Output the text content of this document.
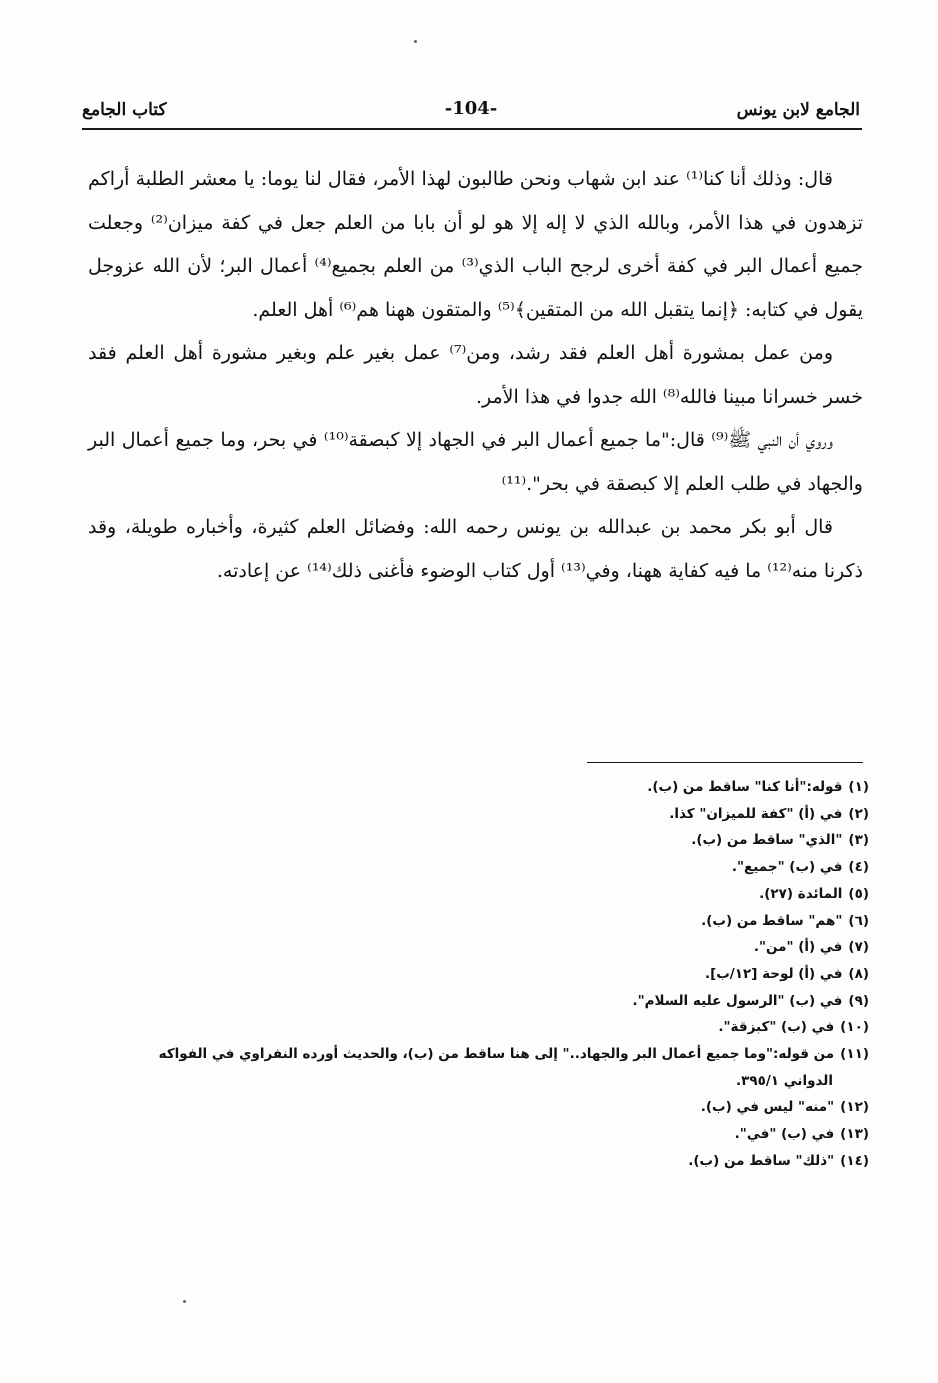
الجامع لابن يونس
-104-
كتاب الجامع

قال: وذلك أنا كنا⁽¹⁾ عند ابن شهاب ونحن طالبون لهذا الأمر، فقال لنا يوما: يا معشر الطلبة أراكم تزهدون في هذا الأمر، وبالله الذي لا إله إلا هو لو أن بابا من العلم جعل في كفة ميزان⁽²⁾ وجعلت جميع أعمال البر في كفة أخرى لرجح الباب الذي⁽³⁾ من العلم بجميع⁽⁴⁾ أعمال البر؛ لأن الله عزوجل يقول في كتابه: ﴿إنما يتقبل الله من المتقين﴾⁽⁵⁾ والمتقون ههنا هم⁽⁶⁾ أهل العلم.

ومن عمل بمشورة أهل العلم فقد رشد، ومن⁽⁷⁾ عمل بغير علم وبغير مشورة أهل العلم فقد خسر خسرانا مبينا فالله⁽⁸⁾ الله جدوا في هذا الأمر.

وروي أن النبي ﷺ⁽⁹⁾ قال:"ما جميع أعمال البر في الجهاد إلا كبصقة⁽¹⁰⁾ في بحر، وما جميع أعمال البر والجهاد في طلب العلم إلا كبصقة في بحر".⁽¹¹⁾

قال أبو بكر محمد بن عبدالله بن يونس رحمه الله: وفضائل العلم كثيرة، وأخباره طويلة، وقد ذكرنا منه⁽¹²⁾ ما فيه كفاية ههنا، وفي⁽¹³⁾ أول كتاب الوضوء فأغنى ذلك⁽¹⁴⁾ عن إعادته.

(١)قوله:"أنا كنا" ساقط من (ب).
(٢)في (أ) "كفة للميزان" كذا.
(٣)"الذي" ساقط من (ب).
(٤)في (ب) "جميع".
(٥)المائدة (٢٧).
(٦)"هم" ساقط من (ب).
(٧)في (أ) "من".
(٨)في (أ) لوحة [١٢/ب].
(٩)في (ب) "الرسول عليه السلام".
(١٠)في (ب) "كبزقة".
(١١)من قوله:"وما جميع أعمال البر والجهاد.." إلى هنا ساقط من (ب)، والحديث أورده النفراوي في الفواكه
الدواني ٣٩٥/١.
(١٢)"منه" ليس في (ب).
(١٣)في (ب) "في".
(١٤)"ذلك" ساقط من (ب).
